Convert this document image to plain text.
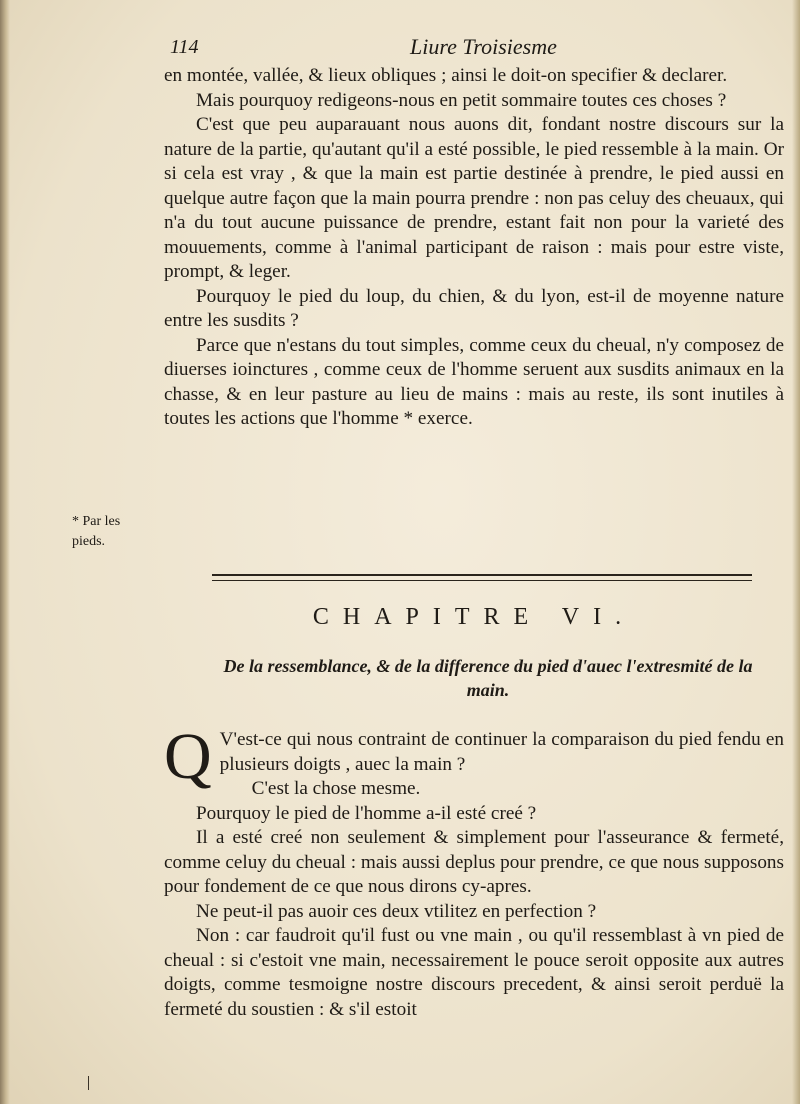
114	Liure Troisiesme

en montée, vallée, & lieux obliques ; ainsi le doit-on specifier & declarer.

Mais pourquoy redigeons-nous en petit sommaire toutes ces choses ?

C'est que peu auparauant nous auons dit, fondant nostre discours sur la nature de la partie, qu'autant qu'il a esté possible, le pied ressemble à la main. Or si cela est vray , & que la main est partie destinée à prendre, le pied aussi en quelque autre façon que la main pourra prendre : non pas celuy des cheuaux, qui n'a du tout aucune puissance de prendre, estant fait non pour la varieté des mouuements, comme à l'animal participant de raison : mais pour estre viste, prompt, & leger.

Pourquoy le pied du loup, du chien, & du lyon, est-il de moyenne nature entre les susdits ?

Parce que n'estans du tout simples, comme ceux du cheual, n'y composez de diuerses ioinctures , comme ceux de l'homme seruent aux susdits animaux en la chasse, & en leur pasture au lieu de mains : mais au reste, ils sont inutiles à toutes les actions que l'homme * exerce.

* Par les pieds.
CHAPITRE VI.
De la ressemblance, & de la difference du pied d'auec l'extresmité de la main.

Q V'est-ce qui nous contraint de continuer la comparaison du pied fendu en plusieurs doigts , auec la main ?

C'est la chose mesme.

Pourquoy le pied de l'homme a-il esté creé ?

Il a esté creé non seulement & simplement pour l'asseurance & fermeté, comme celuy du cheual : mais aussi deplus pour prendre, ce que nous supposons pour fondement de ce que nous dirons cy-apres.

Ne peut-il pas auoir ces deux vtilitez en perfection ?

Non : car faudroit qu'il fust ou vne main , ou qu'il ressemblast à vn pied de cheual : si c'estoit vne main, necessairement le pouce seroit opposite aux autres doigts, comme tesmoigne nostre discours precedent, & ainsi seroit perduë la fermeté du soustien : & s'il estoit
